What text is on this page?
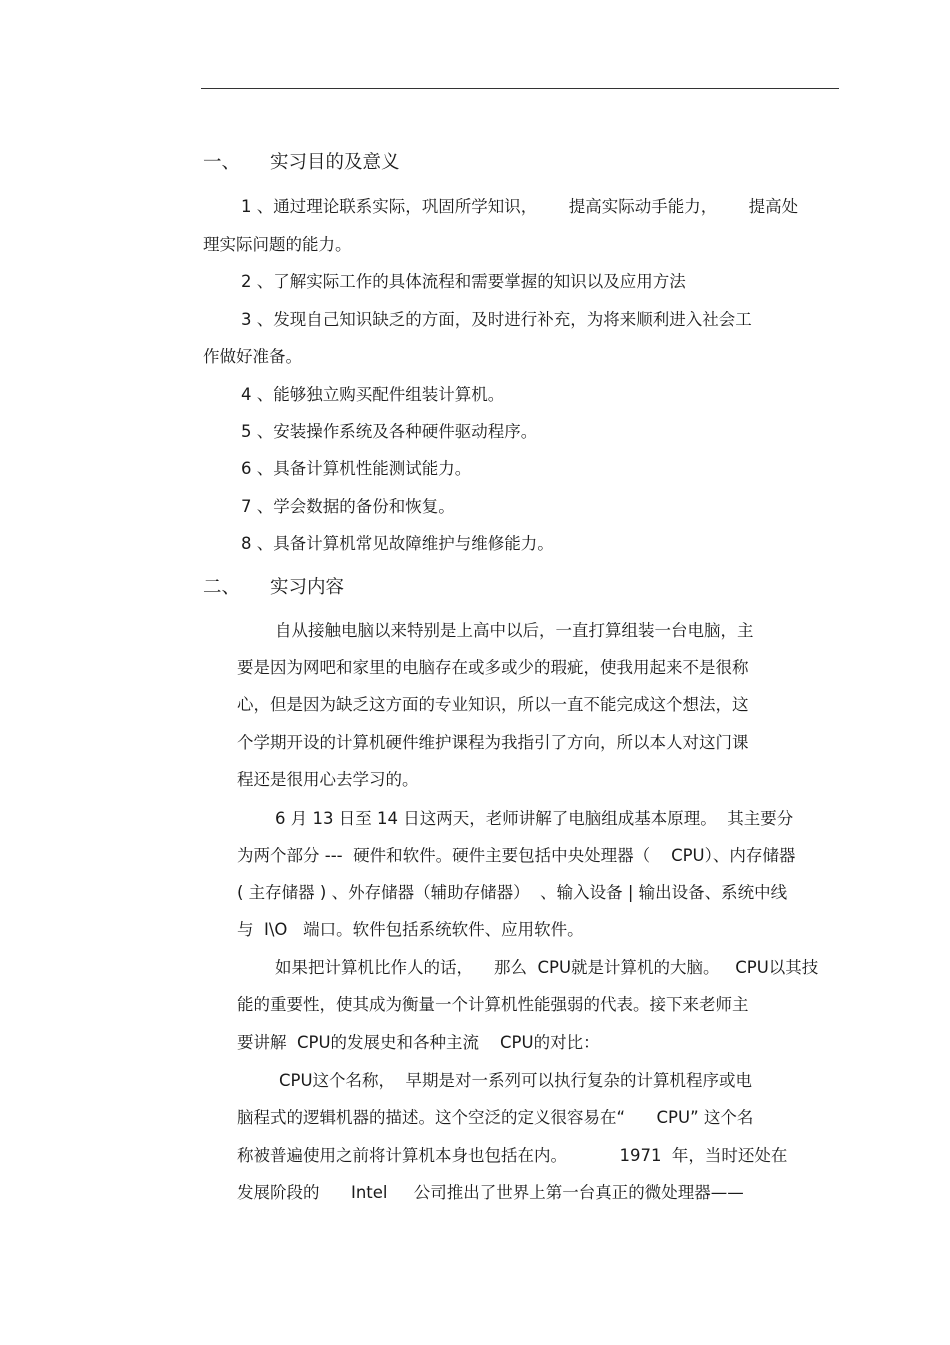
一、 实习目的及意义
1 、通过理论联系实际，巩固所学知识，      提高实际动手能力，      提高处
理实际问题的能力。
2 、了解实际工作的具体流程和需要掌握的知识以及应用方法
3 、发现自己知识缺乏的方面，及时进行补充，为将来顺利进入社会工
作做好准备。
4 、能够独立购买配件组装计算机。
5 、安装操作系统及各种硬件驱动程序。
6 、具备计算机性能测试能力。
7 、学会数据的备份和恢复。
8 、具备计算机常见故障维护与维修能力。
二、 实习内容
自从接触电脑以来特别是上高中以后，一直打算组装一台电脑，主
要是因为网吧和家里的电脑存在或多或少的瑕疵，使我用起来不是很称
心，但是因为缺乏这方面的专业知识，所以一直不能完成这个想法，这
个学期开设的计算机硬件维护课程为我指引了方向，所以本人对这门课
程还是很用心去学习的。
6 月 13 日至 14 日这两天，老师讲解了电脑组成基本原理。  其主要分
为两个部分 ---  硬件和软件。硬件主要包括中央处理器（    CPU）、内存储器
( 主存储器 ) 、外存储器（辅助存储器）  、输入设备 | 输出设备、系统中线
与  I\O   端口。软件包括系统软件、应用软件。
如果把计算机比作人的话，    那么  CPU就是计算机的大脑。   CPU以其技
能的重要性，使其成为衡量一个计算机性能强弱的代表。接下来老师主
要讲解  CPU的发展史和各种主流    CPU的对比：
CPU这个名称，  早期是对一系列可以执行复杂的计算机程序或电
脑程式的逻辑机器的描述。这个空泛的定义很容易在“      CPU” 这个名
称被普遍使用之前将计算机本身也包括在内。          1971  年，当时还处在
发展阶段的      Intel     公司推出了世界上第一台真正的微处理器——
